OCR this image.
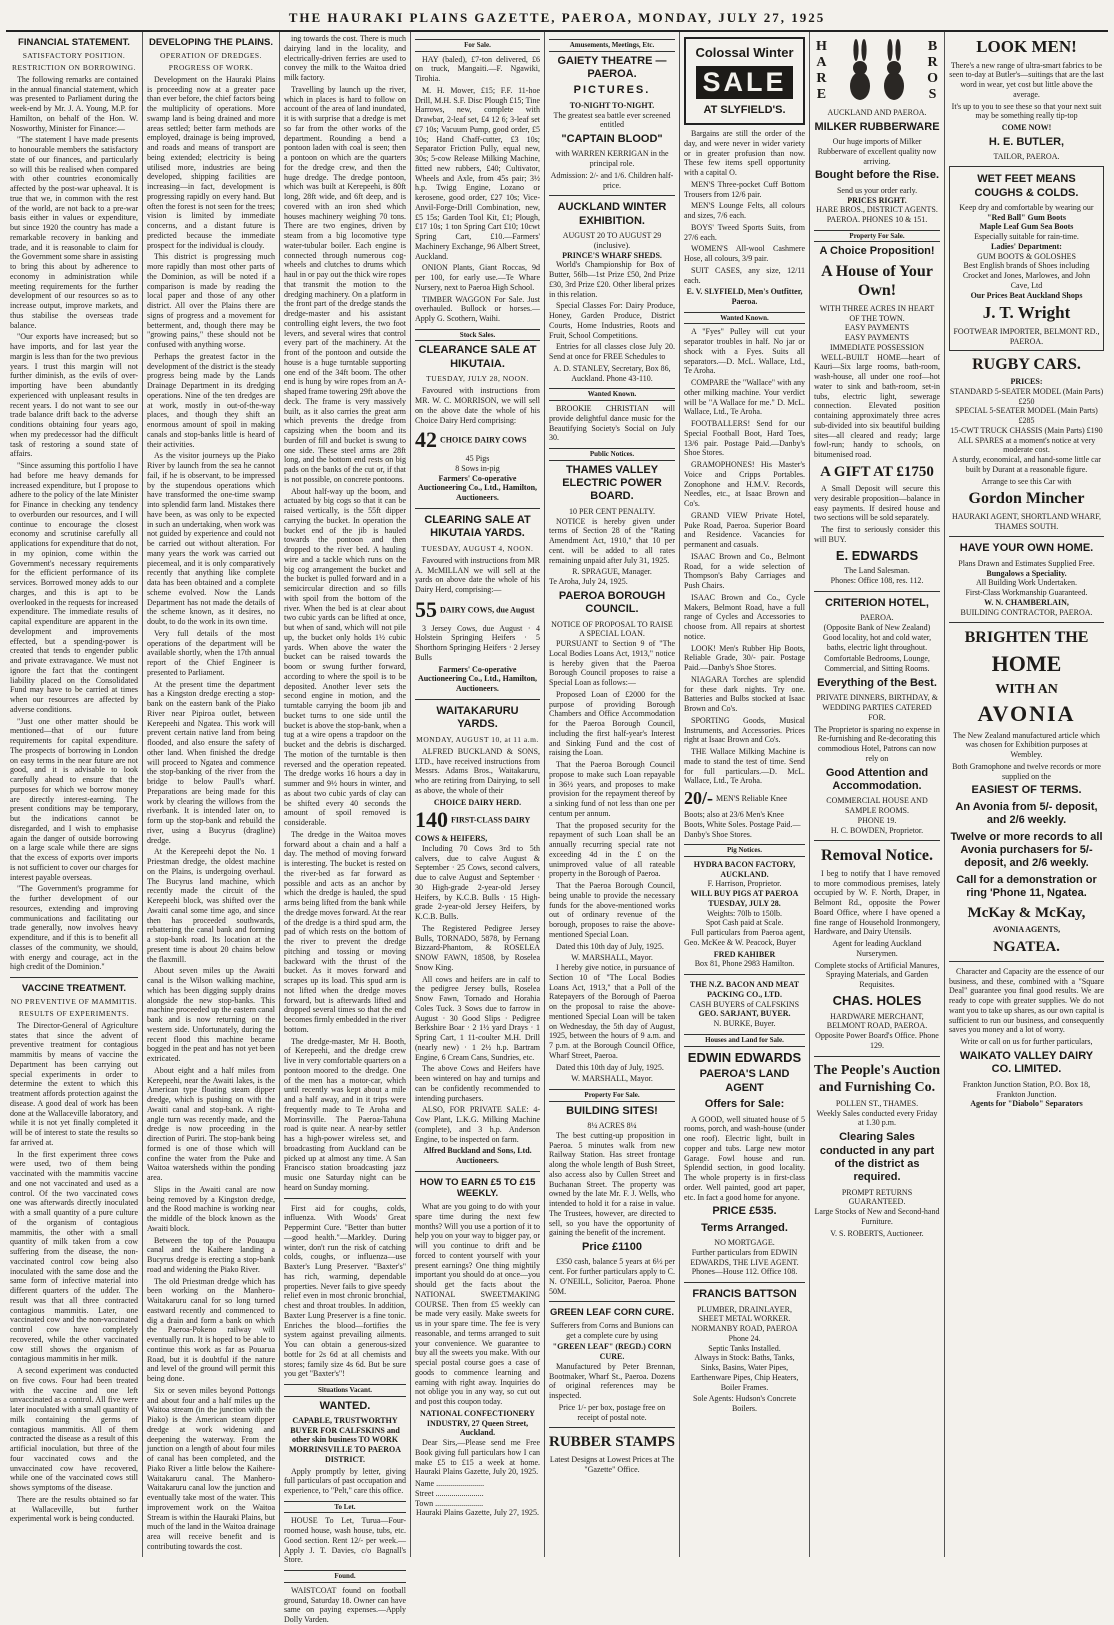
THE HAURAKI PLAINS GAZETTE, PAEROA, MONDAY, JULY 27, 1925
FINANCIAL STATEMENT.
SATISFACTORY POSITION.
RESTRICTION ON BORROWING.

The following remarks are contained in the annual financial statement, which was presented to Parliament during the week-end by Mr. J. A. Young, M.P. for Hamilton, on behalf of the Hon. W. Nosworthy, Minister for Finance:—

"The statement I have made presents to honourable members the satisfactory state of our finances, and particularly so will this be realised when compared with other countries economically affected by the post-war upheaval. It is true that we, in common with the rest of the world, are not back to a pre-war basis either in values or expenditure, but since 1920 the country has made a remarkable recovery in banking and trade, and it is reasonable to claim for the Government some share in assisting to bring this about by adherence to economy in administration while meeting requirements for the further development of our resources so as to increase output, improve markets, and thus stabilise the overseas trade balance.

"Our exports have increased; but so have imports, and for last year the margin is less than for the two previous years. I trust this margin will not further diminish, as the evils of over-importing have been abundantly experienced with unpleasant results in recent years. I do not want to see our trade balance drift back to the adverse conditions obtaining four years ago, when my predecessor had the difficult task of restoring a sound state of affairs.

"Since assuming this portfolio I have had before me heavy demands for increased expenditure, but I propose to adhere to the policy of the late Minister for Finance in checking any tendency to overburden our resources, and I will continue to encourage the closest economy and scrutinise carefully all applications for expenditure that do not, in my opinion, come within the Government's necessary requirements for the efficient performance of its services. Borrowed money adds to our charges, and this is apt to be overlooked in the requests for increased expenditure. The immediate results of capital expenditure are apparent in the development and improvements effected, but a spending-power is created that tends to engender public and private extravagance. We must not ignore the fact that the contingent liability placed on the Consolidated Fund may have to be carried at times when our resources are affected by adverse conditions.

"Just one other matter should be mentioned—that of our future requirements for capital expenditure. The prospects of borrowing in London on easy terms in the near future are not good, and it is advisable to look carefully ahead to ensure that the purposes for which we borrow money are directly interest-earning. The present conditions may be temporary, but the indications cannot be disregarded, and I wish to emphasise again the danger of outside borrowing on a large scale while there are signs that the excess of exports over imports is not sufficient to cover our charges for interest payable overseas.

"The Government's programme for the further development of our resources, extending and improving communications and facilitating our trade generally, now involves heavy expenditure, and if this is to benefit all classes of the community, we should, with energy and courage, act in the high credit of the Dominion."

VACCINE TREATMENT.
NO PREVENTIVE OF MAMMITIS.
RESULTS OF EXPERIMENTS.

The Director-General of Agriculture states that since the advent of preventive treatment for contagious mammitis by means of vaccine the Department has been carrying out special experiments in order to determine the extent to which this treatment affords protection against the disease. A good deal of work has been done at the Wallaceville laboratory, and while it is not yet finally completed it will be of interest to state the results so far arrived at.

In the first experiment three cows were used, two of them being vaccinated with the mammitis vaccine and one not vaccinated and used as a control. Of the two vaccinated cows one was afterwards directly inoculated with a small quantity of a pure culture of the organism of contagious mammitis, the other with a small quantity of milk taken from a cow suffering from the disease, the non-vaccinated control cow being also inoculated with the same dose and the same form of infective material into different quarters of the udder. The result was that all three contracted contagious mammitis. Later, one vaccinated cow and the non-vaccinated control cow have completely recovered, while the other vaccinated cow still shows the organism of contagious mammitis in her milk.

A second experiment was conducted on five cows. Four had been treated with the vaccine and one left unvaccinated as a control. All five were later inoculated with a small quantity of milk containing the germs of contagious mammitis. All of them contracted the disease as a result of this artificial inoculation, but three of the four vaccinated cows and the unvaccinated cow have recovered, while one of the vaccinated cows still shows symptoms of the disease.

There are the results obtained so far at Wallaceville, but further experimental work is being conducted.

DEVELOPING THE PLAINS.
OPERATION OF DREDGES.
PROGRESS OF WORK.

Development on the Hauraki Plains is proceeding now at a greater pace than ever before, the chief factors being the multiplicity of operations. More swamp land is being drained and more areas settled; better farm methods are employed, drainage is being improved, and roads and means of transport are being extended; electricity is being utilised more, industries are being developed, shipping facilities are increasing—in fact, development is progressing rapidly on every hand. But often the forest is not seen for the trees; vision is limited by immediate concerns, and a distant future is predicted because the immediate prospect for the individual is cloudy.

This district is progressing much more rapidly than most other parts of the Dominion, as will be noted if a comparison is made by reading the local paper and those of any other district. All over the Plains there are signs of progress and a movement for betterment, and, though there may be "growing pains," these should not be confused with anything worse.

Perhaps the greatest factor in the development of the district is the steady progress being made by the Lands Drainage Department in its dredging operations. Nine of the ten dredges are at work, mostly in out-of-the-way places, and though they shift an enormous amount of spoil in making canals and stop-banks little is heard of their activities.

As the visitor journeys up the Piako River by launch from the sea he cannot fail, if he is observant, to be impressed by the stupendous operations which have transformed the one-time swamp into splendid farm land. Mistakes there have been, as was only to be expected in such an undertaking, when work was not guided by experience and could not be carried out without alteration. For many years the work was carried out piecemeal, and it is only comparatively recently that anything like complete data has been obtained and a complete scheme evolved. Now the Lands Department has not made the details of the scheme known, as it desires, no doubt, to do the work in its own time.

Very full details of the most operations of the department will be available shortly, when the 17th annual report of the Chief Engineer is presented to Parliament.

At the present time the department has a Kingston dredge erecting a stop-bank on the eastern bank of the Piako River near Pipiroa outlet, between Kerepeehi and Ngatea. This work will prevent certain native land from being flooded, and also ensure the safety of other land. When finished the dredge will proceed to Ngatea and commence the stop-banking of the river from the bridge to below Paull's wharf. Preparations are being made for this work by clearing the willows from the riverbank. It is intended later on, to form up the stop-bank and rebuild the river, using a Bucyrus (dragline) dredge.

At the Kerepeehi depot the No. 1 Priestman dredge, the oldest machine on the Plains, is undergoing overhaul. The Bucyrus land machine, which recently made the circuit of the Kerepeehi block, was shifted over the Awaiti canal some time ago, and since then has proceeded southwards, rebattering the canal bank and forming a stop-bank road. Its location at the present time is about 20 chains below the flaxmill.

About seven miles up the Awaiti canal is the Wilson walking machine, which has been digging supply drains alongside the new stop-banks. This machine proceeded up the eastern canal bank and is now returning on the western side. Unfortunately, during the recent flood this machine became bogged in the peat and has not yet been extricated.

About eight and a half miles from Kerepeehi, near the Awaiti lakes, is the American type floating steam dipper dredge, which is pushing on with the Awaiti canal and stop-bank. A right-angle turn was recently made, and the dredge is now proceeding in the direction of Puriri. The stop-bank being formed is one of those which will confine the water from the Puke and Waitoa watersheds within the ponding area.

Slips in the Awaiti canal are now being removed by a Kingston dredge, and the Rood machine is working near the middle of the block known as the Awaiti block.

Between the top of the Pouaupu canal and the Kaihere landing a Bucyrus dredge is erecting a stop-bank road and widening the Piako River.

The old Priestman dredge which has been working on the Manhero-Waitakaruru canal for so long turned eastward recently and commenced to dig a drain and form a bank on which the Paeroa-Pokeno railway will eventually run. It is hoped to be able to continue this work as far as Pouarua Road, but it is doubtful if the nature and level of the ground will permit this being done.

Six or seven miles beyond Pottongs and about four and a half miles up the Waitoa stream (in the junction with the Piako) is the American steam dipper dredge at work widening and deepening the waterway. From the junction on a length of about four miles of canal has been completed, and the Piako River a little below the Kaihere-Waitakaruru canal. The Manhero-Waitakaruru canal low the junction and eventually take most of the water. This improvement work on the Waitoa Stream is within the Hauraki Plains, but much of the land in the Waitoa drainage area will receive benefit and is contributing towards the cost.

ing towards the cost. There is much dairying land in the locality, and electrically-driven ferries are used to convey the milk to the Waitoa dried milk factory.

Travelling by launch up the river, which in places is hard to follow on account of the area of land inundated, it is with surprise that a dredge is met so far from the other works of the department. Rounding a bend a pontoon laden with coal is seen; then a pontoon on which are the quarters for the dredge crew, and then the huge dredge. The dredge pontoon, which was built at Kerepeehi, is 80ft long, 28ft wide, and 6ft deep, and is covered with an iron shed which houses machinery weighing 70 tons. There are two engines, driven by steam from a big locomotive type water-tubular boiler. Each engine is connected through numerous cog-wheels and clutches to drums which haul in or pay out the thick wire ropes that transmit the motion to the dredging machinery. On a platform in the front part of the dredge stands the dredge-master and his assistant controlling eight levers, the two foot levers, and several wires that control every part of the machinery. At the front of the pontoon and outside the house is a huge turntable supporting one end of the 34ft boom. The other end is hung by wire ropes from an A-shaped frame towering 29ft above the deck. The frame is very massively built, as it also carries the great arm which prevents the dredge from capsizing when the boom and its burden of fill and bucket is swung to one side. These steel arms are 28ft long, and the bottom end rests on big pads on the banks of the cut or, if that is not possible, on concrete pontoons.

About half-way up the boom, and actuated by big cogs so that it can be raised vertically, is the 55ft dipper carrying the bucket. In operation the bucket end of the jib is hauled towards the pontoon and then dropped to the river bed. A hauling wire and a tackle which runs on the big cog arrangement the bucket and the bucket is pulled forward and in a semicircular direction and so fills with spoil from the bottom of the river. When the bed is at clear about two cubic yards can be lifted at once, but when of sand, which will not pile up, the bucket only holds 1½ cubic yards. When above the water the bucket can be raised towards the boom or swung further forward, according to where the spoil is to be deposited. Another lever sets the second engine in motion, and the turntable carrying the boom jib and bucket turns to one side until the bucket is above the stop-bank, when a tug at a wire opens a trapdoor on the bucket and the debris is discharged. The motion of the turntable is then reversed and the operation repeated. The dredge works 16 hours a day in summer and 9½ hours in winter, and as about two cubic yards of clay can be shifted every 40 seconds the amount of spoil removed is considerable.

The dredge in the Waitoa moves forward about a chain and a half a day. The method of moving forward is interesting. The bucket is rested on the river-bed as far forward as possible and acts as an anchor by which the dredge is hauled, the spud arms being lifted from the bank while the dredge moves forward. At the rear of the dredge is a third spud arm, the pad of which rests on the bottom of the river to prevent the dredge pitching and tossing or moving backward with the thrust of the bucket. As it moves forward and scrapes up its load. This spud arm is not lifted when the dredge moves forward, but is afterwards lifted and dropped several times so that the end becomes firmly embedded in the river bottom.

The dredge-master, Mr H. Booth, of Kerepeehi, and the dredge crew live in very comfortable quarters on a pontoon moored to the dredge. One of the men has a motor-car, which until recently was kept about a mile and a half away, and in it trips were frequently made to Te Aroha and Morrinsville. The Paeroa-Tahuna road is quite near. A near-by settler has a high-power wireless set, and broadcasting from Auckland can be picked up at almost any time. A San Francisco station broadcasting jazz music one Saturday night can be heard on Sunday morning.

First aid for coughs, colds, influenza. With Woods' Great Peppermint Cure. "Better than butter—good health."—Markley. During winter, don't run the risk of catching colds, coughs, or influenza—use Baxter's Lung Preserver. "Baxter's" has rich, warming, dependable properties. Never fails to give speedy relief even in most chronic bronchial, chest and throat troubles. In addition, Baxter Lung Preserver is a fine tonic. Enriches the blood—fortifies the system against prevailing ailments. You can obtain a generous-sized bottle for 2s 6d at all chemists and stores; family size 4s 6d. But be sure you get "Baxter's"!

Situations Vacant.
WANTED.

CAPABLE, TRUSTWORTHY BUYER FOR CALFSKINS and other skin business TO WORK MORRINSVILLE TO PAEROA DISTRICT.

Apply promptly by letter, giving full particulars of past occupation and experience, to "Pelt," care this office.

To Let.

HOUSE To Let, Turua—Four-roomed house, wash house, tubs, etc. Good section. Rent 12/- per week.—Apply J. T. Davies, c/o Bagnall's Store.

Found.

WAISTCOAT found on football ground, Saturday 18. Owner can have same on paying expenses.—Apply Dolly Varden.

For Sale.

HAY (baled), £7-ton delivered, £6 on truck, Mangaiti.—F. Ngawiki, Tirohia.

M. H. Mower, £15; F.F. 11-hoe Drill, M.H. S.F. Disc Plough £15; Tine Harrows, new, complete with Drawbar, 2-leaf set, £4 12 6; 3-leaf set £7 10s; Vacuum Pump, good order, £5 10s; Hand Chaff-cutter, £3 10s; Separator Friction Pully, equal new, 30s; 5-cow Release Milking Machine, fitted new rubbers, £40; Cultivator, Wheels and Axle, from 45s pair; 3½ h.p. Twigg Engine, Lozano or kerosene, good order, £27 10s; Vice-Anvil-Forge-Drill Combination, new, £5 15s; Garden Tool Kit, £1; Plough, £17 10s; 1 ton Spring Cart £10; 10cwt Spring Cart, £10.—Farmers' Machinery Exchange, 96 Albert Street, Auckland.

ONION Plants, Giant Roccas, 9d per 100, for early use.—Te Whare Nursery, next to Paeroa High School.

TIMBER WAGGON For Sale. Just overhauled. Bullock or horses.—Apply G. Scothern, Waihi.

Stock Sales.
CLEARANCE SALE AT HIKUTAIA.
TUESDAY, JULY 28, NOON.

Favoured with instructions from MR. W. C. MORRISON, we will sell on the above date the whole of his Choice Dairy Herd comprising:

42 CHOICE DAIRY COWS
45 Pigs
8 Sows in-pig

Farmers' Co-operative Auctioneering Co., Ltd., Hamilton, Auctioneers.

CLEARING SALE AT HIKUTAIA YARDS.
TUESDAY, AUGUST 4, NOON.

Favoured with instructions from MR A. McMILLAN we will sell at the yards on above date the whole of his Dairy Herd, comprising:—

55 DAIRY COWS, due August

3 Jersey Cows, due August · 4 Holstein Springing Heifers · 5 Shorthorn Springing Heifers · 2 Jersey Bulls

Farmers' Co-operative Auctioneering Co., Ltd., Hamilton, Auctioneers.

WAITAKARURU YARDS.
MONDAY, AUGUST 10, at 11 a.m.

ALFRED BUCKLAND & SONS, LTD., have received instructions from Messrs. Adams Bros., Waitakaruru, who are retiring from Dairying, to sell as above, the whole of their

CHOICE DAIRY HERD.
140 FIRST-CLASS DAIRY COWS & HEIFERS,

Including 70 Cows 3rd to 5th calvers, due to calve August & September · 25 Cows, second calvers, due to calve August and September · 30 High-grade 2-year-old Jersey Heifers, by K.C.B. Bulls · 15 High-grade 2-year-old Jersey Heifers, by K.C.B. Bulls.

The Registered Pedigree Jersey Bulls, TORNADO, 5878, by Fernang Bizzard-Phantom, & ROSELEA SNOW FAWN, 18508, by Roselea Snow King.

All cows and heifers are in calf to the pedigree Jersey bulls, Roselea Snow Fawn, Tornado and Horahia Coles Tuck. 3 Sows due to farrow in August · 30 Good Slips · Pedigree Berkshire Boar · 2 1½ yard Drays · 1 Spring Cart, 1 11-coulter M.H. Drill (nearly new) · 1 2½ h.p. Bartram Engine, 6 Cream Cans, Sundries, etc.

The above Cows and Heifers have been wintered on hay and turnips and can be confidently recommended to intending purchasers.

ALSO, FOR PRIVATE SALE: 4-Cow Plant, L.K.G. Milking Machine (complete), and 3 h.p. Anderson Engine, to be inspected on farm.

Alfred Buckland and Sons, Ltd. Auctioneers.

HOW TO EARN £5 TO £15 WEEKLY.

What are you going to do with your spare time during the next few months? Will you use a portion of it to help you on your way to bigger pay, or will you continue to drift and be forced to content yourself with your present earnings? One thing mightily important you should do at once—you should get the facts about the NATIONAL SWEETMAKING COURSE. Then from £5 weekly can be made very easily. Make sweets for us in your spare time. The fee is very reasonable, and terms arranged to suit your convenience. We guarantee to buy all the sweets you make. With our special postal course goes a case of goods to commence learning and earning with right away. Inquiries do not oblige you in any way, so cut out and post this coupon today.

NATIONAL CONFECTIONERY INDUSTRY, 27 Queen Street, Auckland.

Dear Sirs,—Please send me Free Book giving full particulars how I can make £5 to £15 a week at home. Hauraki Plains Gazette, July 20, 1925.

Name ........................
Street ........................
Town ........................
Hauraki Plains Gazette, July 27, 1925.
Amusements, Meetings, Etc.
GAIETY THEATRE — PAEROA.
PICTURES.
TO-NIGHT TO-NIGHT.

The greatest sea battle ever screened entitled

"CAPTAIN BLOOD"

with WARREN KERRIGAN in the principal role.

Admission: 2/- and 1/6. Children half-price.

AUCKLAND WINTER EXHIBITION.
AUGUST 20 TO AUGUST 29 (inclusive).
PRINCE'S WHARF SHEDS.

World's Championship for Box of Butter, 56lb—1st Prize £50, 2nd Prize £30, 3rd Prize £20. Other liberal prizes in this relation.

Special Classes For: Dairy Produce, Honey, Garden Produce, District Courts, Home Industries, Roots and Fruit, School Competitions.

Entries for all classes close July 20. Send at once for FREE Schedules to

A. D. STANLEY, Secretary, Box 86, Auckland. Phone 43-110.

Wanted Known.

BROOKIE CHRISTIAN will provide delightful dance music for the Beautifying Society's Social on July 30.

Public Notices.
THAMES VALLEY ELECTRIC POWER BOARD.
10 PER CENT PENALTY.

NOTICE is hereby given under terms of Section 28 of the "Rating Amendment Act, 1910," that 10 per cent. will be added to all rates remaining unpaid after July 31, 1925.

R. SPRAGUE, Manager.
Te Aroha, July 24, 1925.
PAEROA BOROUGH COUNCIL.
NOTICE OF PROPOSAL TO RAISE A SPECIAL LOAN.

PURSUANT to Section 9 of "The Local Bodies Loans Act, 1913," notice is hereby given that the Paeroa Borough Council proposes to raise a Special Loan as follows:—

Proposed Loan of £2000 for the purpose of providing Borough Chambers and Office Accommodation for the Paeroa Borough Council, including the first half-year's Interest and Sinking Fund and the cost of raising the Loan.

That the Paeroa Borough Council propose to make such Loan repayable in 36½ years, and proposes to make provision for the repayment thereof by a sinking fund of not less than one per centum per annum.

That the proposed security for the repayment of such Loan shall be an annually recurring special rate not exceeding 4d in the £ on the unimproved value of all rateable property in the Borough of Paeroa.

That the Paeroa Borough Council, being unable to provide the necessary funds for the above-mentioned works out of ordinary revenue of the borough, proposes to raise the above-mentioned Special Loan.

Dated this 10th day of July, 1925.

W. MARSHALL, Mayor.

I hereby give notice, in pursuance of Section 10 of "The Local Bodies Loans Act, 1913," that a Poll of the Ratepayers of the Borough of Paeroa on the proposal to raise the above-mentioned Special Loan will be taken on Wednesday, the 5th day of August, 1925, between the hours of 9 a.m. and 7 p.m. at the Borough Council Office, Wharf Street, Paeroa.

Dated this 10th day of July, 1925.

W. MARSHALL, Mayor.
Property For Sale.
BUILDING SITES!
8¼ ACRES 8¼

The best cutting-up proposition in Paeroa. 5 minutes walk from new Railway Station. Has street frontage along the whole length of Bush Street, also access also by Cullen Street and Buchanan Street. The property was owned by the late Mr. F. J. Wells, who intended to hold it for a raise in value. The Trustees, however, are directed to sell, so you have the opportunity of gaining the benefit of the increment.

Price £1100

£350 cash, balance 5 years at 6½ per cent. For further particulars apply to C. N. O'NEILL, Solicitor, Paeroa. Phone 50M.

GREEN LEAF CORN CURE.

Sufferers from Corns and Bunions can get a complete cure by using

"GREEN LEAF" (REGD.) CORN CURE.

Manufactured by Peter Brennan, Bootmaker, Wharf St., Paeroa. Dozens of original references may be inspected.

Price 1/- per box, postage free on receipt of postal note.

RUBBER STAMPS
Latest Designs at Lowest Prices at The "Gazette" Office.
Colossal Winter
SALE
AT SLYFIELD'S.

Bargains are still the order of the day, and were never in wider variety or in greater profusion than now. These few items spell opportunity with a capital O.

MEN'S Three-pocket Cuff Bottom Trousers from 12/6 pair.

MEN'S Lounge Felts, all colours and sizes, 7/6 each.

BOYS' Tweed Sports Suits, from 27/6 each.

WOMEN'S All-wool Cashmere Hose, all colours, 3/9 pair.

SUIT CASES, any size, 12/11 each.

E. V. SLYFIELD, Men's Outfitter, Paeroa.
Wanted Known.

A "Fyes" Pulley will cut your separator troubles in half. No jar or shock with a Fyes. Suits all separators.—D. McL. Wallace, Ltd., Te Aroha.

COMPARE the "Wallace" with any other milking machine. Your verdict will be "A Wallace for me." D. McL. Wallace, Ltd., Te Aroha.

FOOTBALLERS! Send for our Special Football Boot, Hard Toes, 13/6 pair. Postage Paid.—Danby's Shoe Stores.

GRAMOPHONES! His Master's Voice and Cripps Portables. Zonophone and H.M.V. Records, Needles, etc., at Isaac Brown and Co's.

GRAND VIEW Private Hotel, Puke Road, Paeroa. Superior Board and Residence. Vacancies for permanent and casuals.

ISAAC Brown and Co., Belmont Road, for a wide selection of Thompson's Baby Carriages and Push Chairs.

ISAAC Brown and Co., Cycle Makers, Belmont Road, have a full range of Cycles and Accessories to choose from. All repairs at shortest notice.

LOOK! Men's Rubber Hip Boots, Reliable Grade, 30/- pair. Postage Paid.—Danby's Shoe Stores.

NIAGARA Torches are splendid for these dark nights. Try one. Batteries and Bulbs stocked at Isaac Brown and Co's.

SPORTING Goods, Musical Instruments, and Accessories. Prices right at Isaac Brown and Co's.

THE Wallace Milking Machine is made to stand the test of time. Send for full particulars.—D. McL. Wallace, Ltd., Te Aroha.

20/- MEN'S Reliable Knee Boots; also at 23/6 Men's Knee Boots, White Soles. Postage Paid.—Danby's Shoe Stores.
Pig Notices.
HYDRA BACON FACTORY, AUCKLAND.
F. Harrison, Proprietor.
WILL BUY PIGS AT PAEROA TUESDAY, JULY 28.
Weights: 70lb to 150lb.
Spot Cash paid at Scale.

Full particulars from Paeroa agent, Geo. McKee & W. Peacock, Buyer

FRED KAHIBER
Box 81, Phone 2983 Hamilton.
THE N.Z. BACON AND MEAT PACKING CO., LTD.
CASH BUYERS of CALFSKINS
GEO. SARJANT, BUYER.
N. BURKE, Buyer.
Houses and Land for Sale.
EDWIN EDWARDS
PAEROA'S LAND AGENT
Offers for Sale:

A GOOD, well situated house of 5 rooms, porch, and wash-house (under one roof). Electric light, built in copper and tubs. Large new motor Garage. Fowl house and run. Splendid section, in good locality. The whole property is in first-class order. Well painted, good art paper, etc. In fact a good home for anyone.

PRICE £535.
Terms Arranged.
NO MORTGAGE.

Further particulars from EDWIN EDWARDS, THE LIVE AGENT. Phones—House 112. Office 108.

FRANCIS BATTSON
PLUMBER, DRAINLAYER, SHEET METAL WORKER.
NORMANBY ROAD, PAEROA Phone 24.
Septic Tanks Installed.

Always in Stock: Baths, Tanks, Sinks, Basins, Water Pipes, Earthenware Pipes, Chip Heaters, Boiler Frames.

Sole Agents: Hudson's Concrete Boilers.

H
A
R
E
B
R
O
S
AUCKLAND AND PAEROA.
MILKER RUBBERWARE

Our huge imports of Milker Rubberware of excellent quality now arriving.

Bought before the Rise.
Send us your order early.
PRICES RIGHT.
HARE BROS., DISTRICT AGENTS. PAEROA. PHONES 10 & 151.
Property For Sale.
A Choice Proposition!
A House of Your Own!
WITH THREE ACRES IN HEART OF THE TOWN.
EASY PAYMENTS
EASY PAYMENTS
IMMEDIATE POSSESSION

WELL-BUILT HOME—heart of Kauri—Six large rooms, bath-room, wash-house, all under one roof—hot water to sink and bath-room, set-in tubs, electric light, sewerage connection. Elevated position containing approximately three acres sub-divided into six beautiful building sites—all cleared and ready; large fowl-run; handy to schools, on bitumenised road.

A GIFT AT £1750

A Small Deposit will secure this very desirable proposition—balance in easy payments. If desired house and two sections will be sold separately.

The first to seriously consider this will BUY.

E. EDWARDS
The Land Salesman.
Phones: Office 108, res. 112.
CRITERION HOTEL,
PAEROA.
(Opposite Bank of New Zealand)

Good locality, hot and cold water, baths, electric light throughout.

Comfortable Bedrooms, Lounge, Commercial, and Sitting Rooms.

Everything of the Best.

PRIVATE DINNERS, BIRTHDAY, & WEDDING PARTIES CATERED FOR.

The Proprietor is sparing no expense in Re-furnishing and Re-decorating this commodious Hotel, Patrons can now rely on

Good Attention and Accommodation.
COMMERCIAL HOUSE AND SAMPLE ROOMS.
PHONE 19.
H. C. BOWDEN, Proprietor.
Removal Notice.

I beg to notify that I have removed to more commodious premises, lately occupied by W. F. North, Draper, in Belmont Rd., opposite the Power Board Office, where I have opened a fine range of Household Ironmongery, Hardware, and Dairy Utensils.

Agent for leading Auckland Nurserymen.

Complete stocks of Artificial Manures, Spraying Materials, and Garden Requisites.

CHAS. HOLES
HARDWARE MERCHANT, BELMONT ROAD, PAEROA.
Opposite Power Board's Office. Phone 129.
The People's Auction and Furnishing Co.
POLLEN ST., THAMES.

Weekly Sales conducted every Friday at 1.30 p.m.

Clearing Sales conducted in any part of the district as required.
PROMPT RETURNS GUARANTEED.

Large Stocks of New and Second-hand Furniture.

V. S. ROBERTS, Auctioneer.
LOOK MEN!

There's a new range of ultra-smart fabrics to be seen to-day at Butler's—suitings that are the last word in wear, yet cost but little above the average.

It's up to you to see these so that your next suit may be something really tip-top

COME NOW!
H. E. BUTLER,
TAILOR, PAEROA.
WET FEET MEANS COUGHS & COLDS.
Keep dry and comfortable by wearing our
"Red Ball" Gum Boots
Maple Leaf Gum Sea Boots
Especially suitable for rain-time.
Ladies' Department:
GUM BOOTS & GOLOSHES
Best English brands of Shoes including Crocket and Jones, Marlowes, and John Cave, Ltd
Our Prices Beat Auckland Shops
J. T. Wright
FOOTWEAR IMPORTER, BELMONT RD., PAEROA.
RUGBY CARS.
PRICES:
STANDARD 5-SEATER MODEL (Main Parts) £250
SPECIAL 5-SEATER MODEL (Main Parts) £285
15-CWT TRUCK CHASSIS (Main Parts) £190
ALL SPARES at a moment's notice at very moderate cost.

A sturdy, economical, and hand-some little car built by Durant at a reasonable figure.

Arrange to see this Car with
Gordon Mincher
HAURAKI AGENT, SHORTLAND WHARF, THAMES SOUTH.
HAVE YOUR OWN HOME.
Plans Drawn and Estimates Supplied Free.
Bungalows a Speciality.
All Building Work Undertaken.
First-Class Workmanship Guaranteed.
W. N. CHAMBERLAIN,
BUILDING CONTRACTOR, PAEROA.
BRIGHTEN THE
HOME
WITH AN
AVONIA

The New Zealand manufactured article which was chosen for Exhibition purposes at Wembley.

Both Gramophone and twelve records or more supplied on the

EASIEST OF TERMS.
An Avonia from 5/- deposit, and 2/6 weekly.
Twelve or more records to all Avonia purchasers for 5/- deposit, and 2/6 weekly.
Call for a demonstration or ring 'Phone 11, Ngatea.
McKay & McKay,
AVONIA AGENTS,
NGATEA.

Character and Capacity are the essence of our business, and these, combined with a "Square Deal" guarantee you final good results. We are ready to cope with greater supplies. We do not want you to take up shares, as our own capital is sufficient to run our business, and consequently saves you money and a lot of worry.

Write or call on us for further particulars,
WAIKATO VALLEY DAIRY CO. LIMITED.
Frankton Junction Station, P.O. Box 18, Frankton Junction.
Agents for "Diabolo" Separators
